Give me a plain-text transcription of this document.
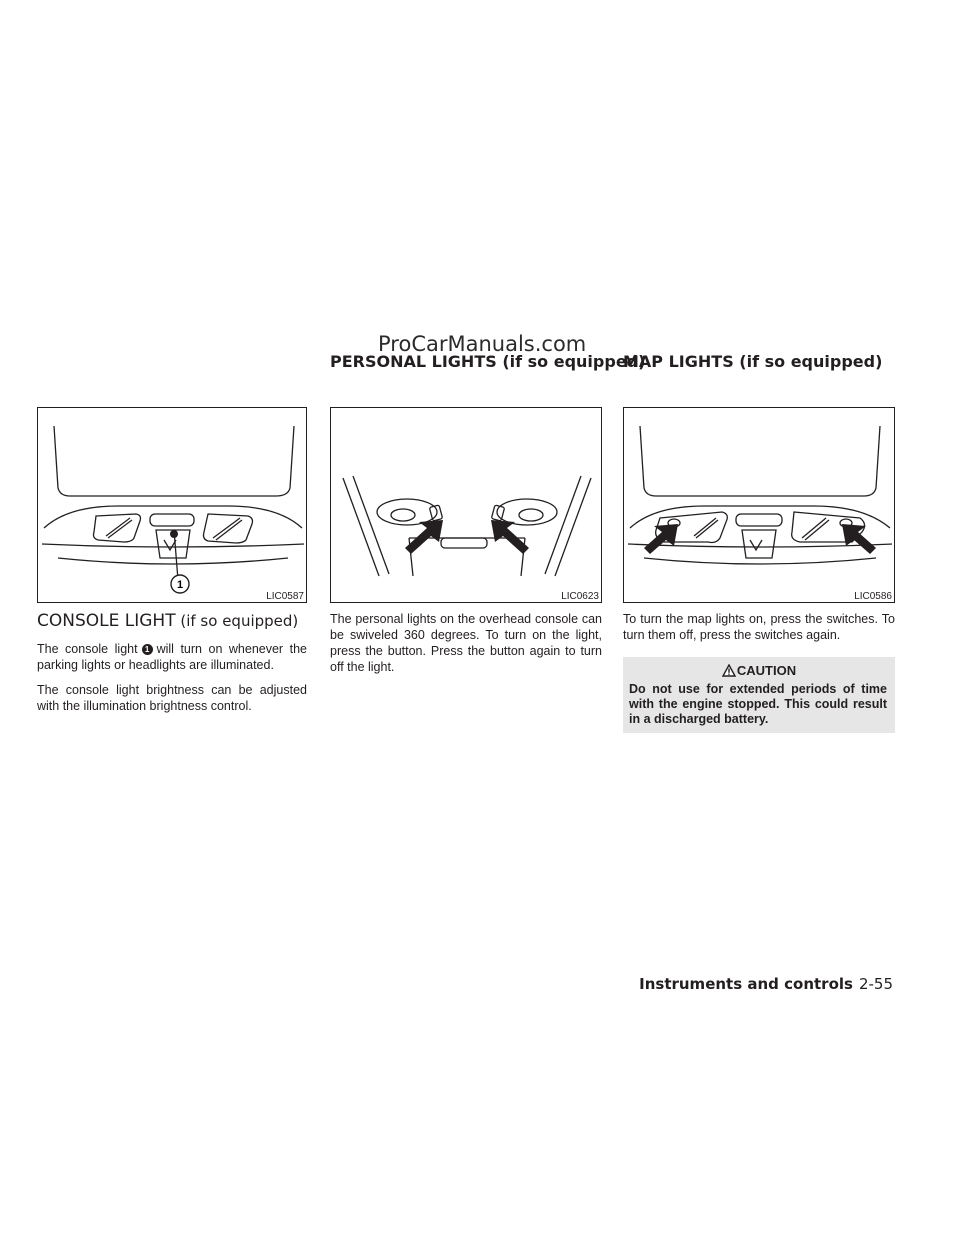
ProCarManuals.com
PERSONAL LIGHTS (if so equipped)
MAP LIGHTS (if so equipped)
1
LIC0587	LIC0623	LIC0586
CONSOLE LIGHT (if so equipped)

The console light 1 will turn on whenever the parking lights or headlights are illuminated.

The console light brightness can be adjusted with the illumination brightness control.

The personal lights on the overhead console can be swiveled 360 degrees. To turn on the light, press the button. Press the button again to turn off the light.

To turn the map lights on, press the switches. To turn them off, press the switches again.

CAUTION
Do not use for extended periods of time with the engine stopped. This could result in a discharged battery.
Instruments and controls 2-55
